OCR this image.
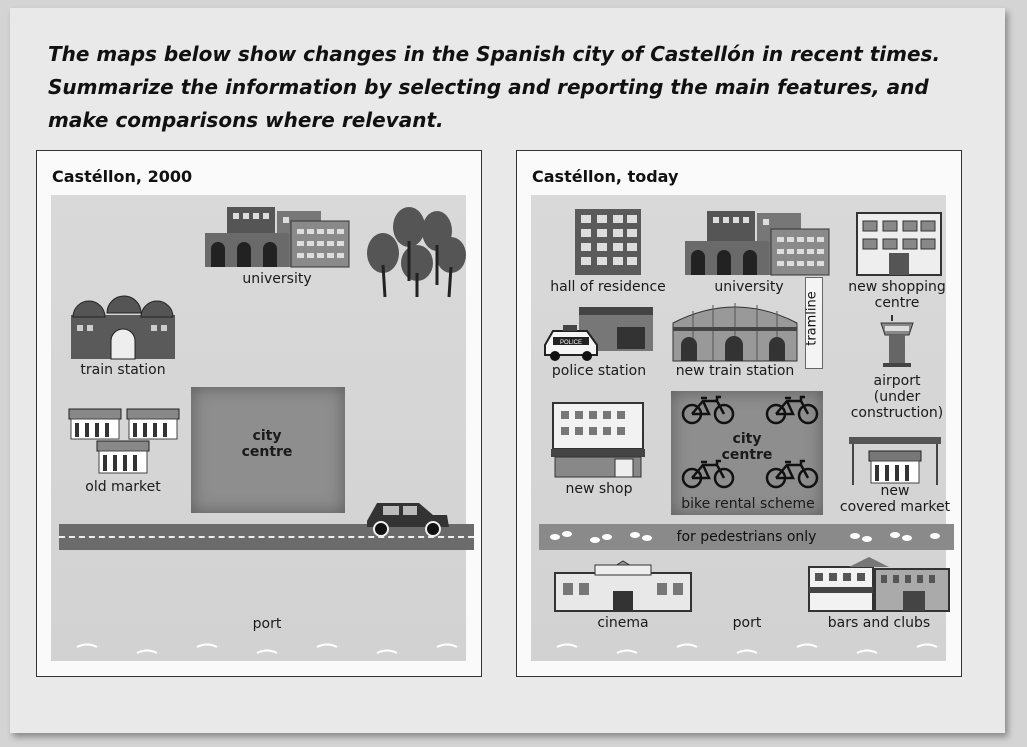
The maps below show changes in the Spanish city of Castellón in recent times.
Summarize the information by selecting and reporting the main features, and
make comparisons where relevant.
Castéllon, 2000
university
train station
city
centre
old market
port
Castéllon, today
hall of residence	university
tramline
new shopping
centre
POLICE
police station	new train station
airport
(under
construction)
city
centre
bike rental scheme
new shop	new
covered market
for pedestrians only
cinema	port	bars and clubs
